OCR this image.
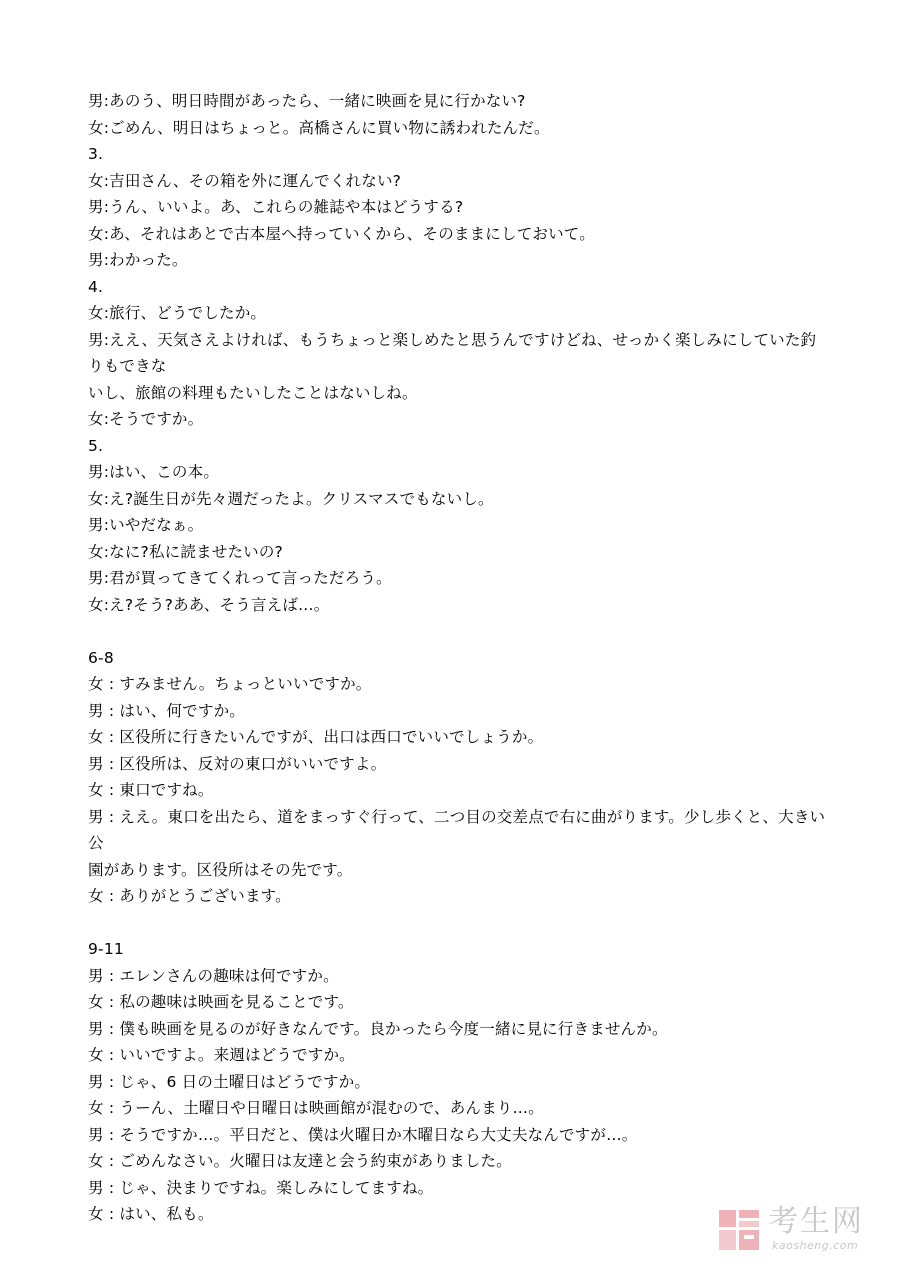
男:あのう、明日時間があったら、一緒に映画を見に行かない?
女:ごめん、明日はちょっと。高橋さんに買い物に誘われたんだ。
3.
女:吉田さん、その箱を外に運んでくれない?
男:うん、いいよ。あ、これらの雑誌や本はどうする?
女:あ、それはあとで古本屋へ持っていくから、そのままにしておいて。
男:わかった。
4.
女:旅行、どうでしたか。
男:ええ、天気さえよければ、もうちょっと楽しめたと思うんですけどね、せっかく楽しみにしていた釣りもできな
いし、旅館の料理もたいしたことはないしね。
女:そうですか。
5.
男:はい、この本。
女:え?誕生日が先々週だったよ。クリスマスでもないし。
男:いやだなぁ。
女:なに?私に読ませたいの?
男:君が買ってきてくれって言っただろう。
女:え?そう?ああ、そう言えば…。
6-8
女 : すみません。ちょっといいですか。
男 : はい、何ですか。
女 : 区役所に行きたいんですが、出口は西口でいいでしょうか。
男 : 区役所は、反対の東口がいいですよ。
女 : 東口ですね。
男 : ええ。東口を出たら、道をまっすぐ行って、二つ目の交差点で右に曲がります。少し歩くと、大きい公
園があります。区役所はその先です。
女 : ありがとうございます。
9-11
男 : エレンさんの趣味は何ですか。
女 : 私の趣味は映画を見ることです。
男 : 僕も映画を見るのが好きなんです。良かったら今度一緒に見に行きませんか。
女 : いいですよ。来週はどうですか。
男 : じゃ、6 日の土曜日はどうですか。
女 : うーん、土曜日や日曜日は映画館が混むので、あんまり…。
男 : そうですか…。平日だと、僕は火曜日か木曜日なら大丈夫なんですが…。
女 : ごめんなさい。火曜日は友達と会う約束がありました。
男 : じゃ、決まりですね。楽しみにしてますね。
女 : はい、私も。	考生网
kaosheng.com
